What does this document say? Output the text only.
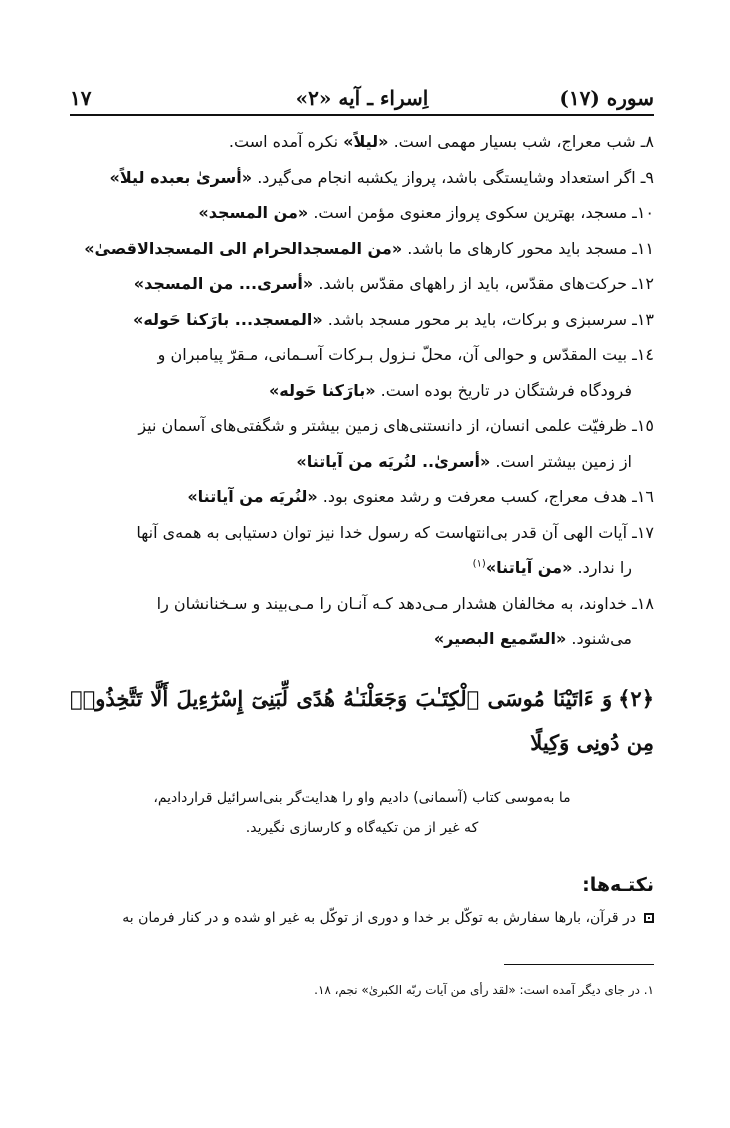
سوره (١٧)
اِسراء ـ آيه «٢»
١٧
٨ـ شب معراج، شب بسيار مهمى است. «ليلاً» نكره آمده است.
٩ـ اگر استعداد وشايستگى باشد، پرواز يكشبه انجام مى‌گيرد. «أسرىٰ بعبده ليلاً»
١٠ـ مسجد، بهترين سكوى پرواز معنوى مؤمن است. «من المسجد»
١١ـ مسجد بايد محور كارهاى ما باشد. «من المسجدالحرام الى المسجدالاقصىٰ»
١٢ـ حركت‌هاى مقدّس، بايد از راههاى مقدّس باشد. «أسرى... من المسجد»
١٣ـ سرسبزى و بركات، بايد بر محور مسجد باشد. «المسجد... بارَكنا حَوله»
١٤ـ بيت المقدّس و حوالى آن، محلّ نـزول بـركات آسـمانى، مـقرّ پيامبران و
فرودگاه فرشتگان در تاريخ بوده است. «بارَكنا حَوله»
١٥ـ ظرفيّت علمى انسان، از دانستنى‌هاى زمين بيشتر و شگفتى‌هاى آسمان نيز
از زمين بيشتر است. «أسرىٰ.. لنُريَه من آياتنا»
١٦ـ هدف معراج، كسب معرفت و رشد معنوى بود. «لنُريَه من آياتنا»
١٧ـ آيات الهى آن قدر بى‌انتهاست كه رسول خدا نيز توان دستيابى به همه‌ى آنها
را ندارد. «من آياتنا»$^{(١)}$
١٨ـ خداوند، به مخالفان هشدار مـى‌دهد كـه آنـان را مـى‌بيند و سـخنانشان را
مى‌شنود. «السّميع البصير»
﴿٢﴾وَ ءَاتَيْنَا مُوسَى ٱلْكِتَـٰبَ وَجَعَلْنَـٰهُ هُدًى لِّبَنِىٓ إِسْرَٰٓءِيلَ أَلَّا تَتَّخِذُوا۟ مِن دُونِى وَكِيلًا
ما به‌موسى كتاب (آسمانى) داديم واو را هدايت‌گر بنى‌اسرائيل قرارداديم،
كه غير از من تكيه‌گاه و كارسازى نگيريد.
نكتـه‌ها:
در قرآن، بارها سفارش به توكّل بر خدا و دورى از توكّل به غير او شده و در كنار فرمان به
١. در جاى ديگر آمده است: «لقد رأى من آيات ربّه الكبرىٰ» نجم، ١٨.
